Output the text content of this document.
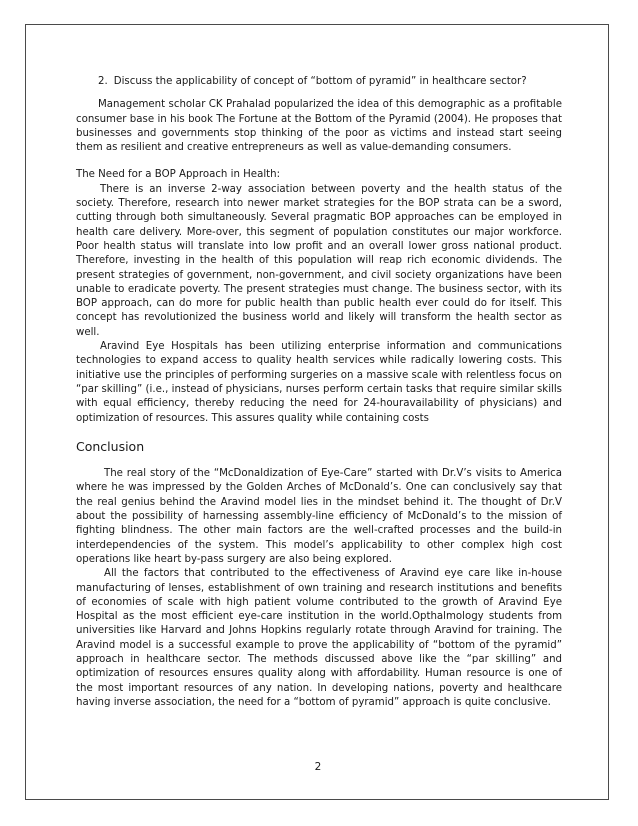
2. Discuss the applicability of concept of “bottom of pyramid” in healthcare sector?

Management scholar CK Prahalad popularized the idea of this demographic as a profitable consumer base in his book The Fortune at the Bottom of the Pyramid (2004). He proposes that businesses and governments stop thinking of the poor as victims and instead start seeing them as resilient and creative entrepreneurs as well as value-demanding consumers.

The Need for a BOP Approach in Health:

There is an inverse 2-way association between poverty and the health status of the society. Therefore, research into newer market strategies for the BOP strata can be a sword, cutting through both simultaneously. Several pragmatic BOP approaches can be employed in health care delivery. More-over, this segment of population constitutes our major workforce. Poor health status will translate into low profit and an overall lower gross national product. Therefore, investing in the health of this population will reap rich economic dividends. The present strategies of government, non-government, and civil society organizations have been unable to eradicate poverty. The present strategies must change. The business sector, with its BOP approach, can do more for public health than public health ever could do for itself. This concept has revolutionized the business world and likely will transform the health sector as well.

Aravind Eye Hospitals has been utilizing enterprise information and communications technologies to expand access to quality health services while radically lowering costs. This initiative use the principles of performing surgeries on a massive scale with relentless focus on “par skilling” (i.e., instead of physicians, nurses perform certain tasks that require similar skills with equal efficiency, thereby reducing the need for 24-houravailability of physicians) and optimization of resources. This assures quality while containing costs

Conclusion

The real story of the “McDonaldization of Eye-Care” started with Dr.V’s visits to America where he was impressed by the Golden Arches of McDonald’s. One can conclusively say that the real genius behind the Aravind model lies in the mindset behind it. The thought of Dr.V about the possibility of harnessing assembly-line efficiency of McDonald’s to the mission of fighting blindness. The other main factors are the well-crafted processes and the build-in interdependencies of the system. This model’s applicability to other complex high cost operations like heart by-pass surgery are also being explored.

All the factors that contributed to the effectiveness of Aravind eye care like in-house manufacturing of lenses, establishment of own training and research institutions and benefits of economies of scale with high patient volume contributed to the growth of Aravind Eye Hospital as the most efficient eye-care institution in the world.Opthalmology students from universities like Harvard and Johns Hopkins regularly rotate through Aravind for training. The Aravind model is a successful example to prove the applicability of “bottom of the pyramid” approach in healthcare sector. The methods discussed above like the “par skilling” and optimization of resources ensures quality along with affordability. Human resource is one of the most important resources of any nation. In developing nations, poverty and healthcare having inverse association, the need for a “bottom of pyramid” approach is quite conclusive.

2
